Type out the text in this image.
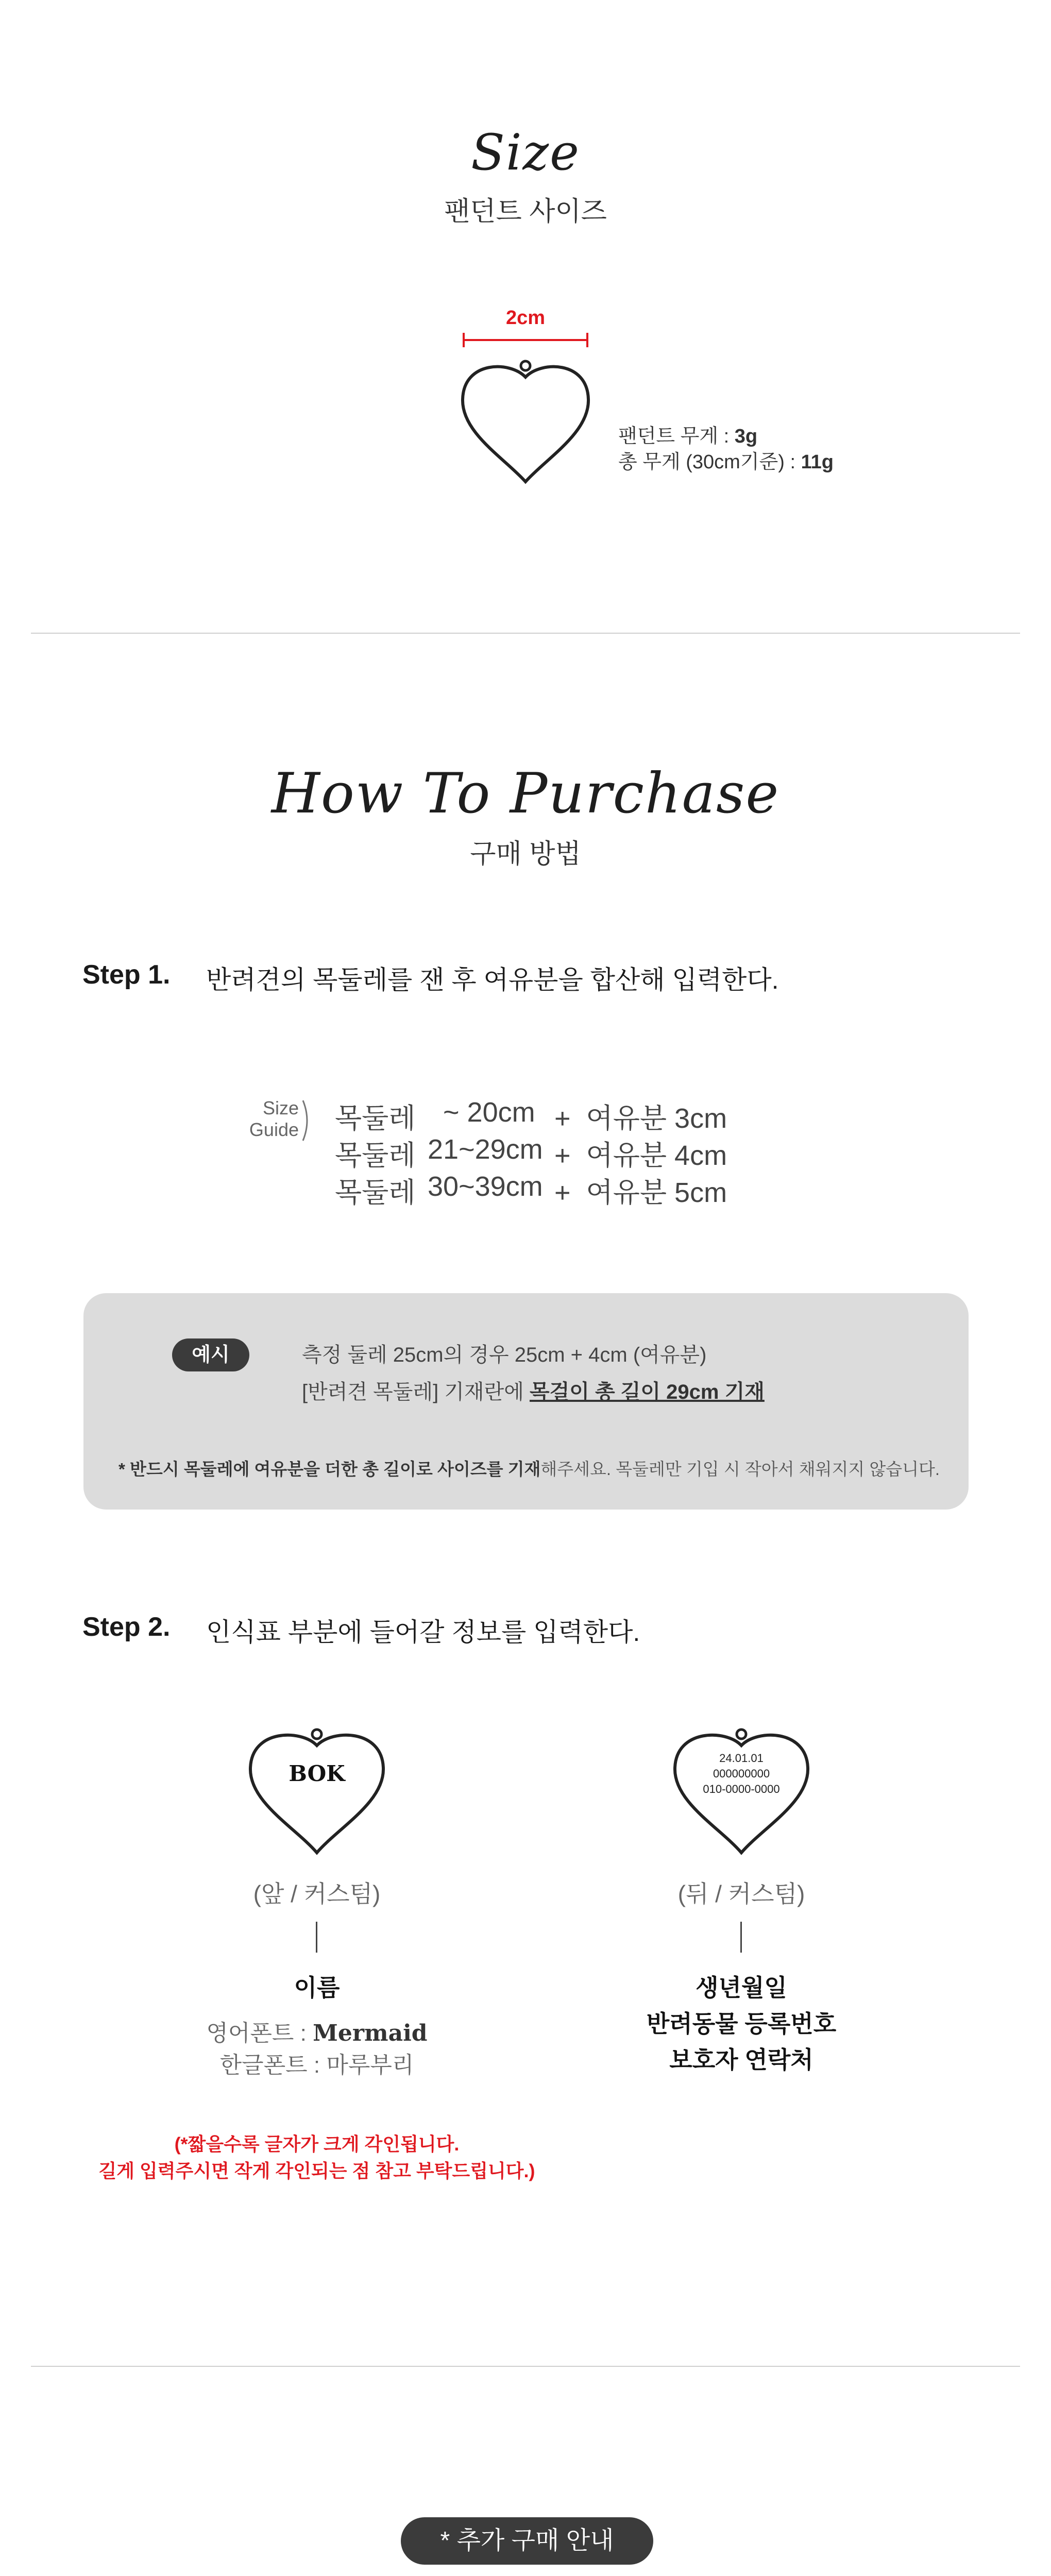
Size
팬던트 사이즈
2cm
팬던트 무게 : 3g
총 무게 (30cm기준) : 11g
How To Purchase
구매 방법
Step 1. 반려견의 목둘레를 잰 후 여유분을 합산해 입력한다.
Size
Guide 목둘레 ~ 20cm +  여유분 3cm
목둘레 21~29cm +  여유분 4cm
목둘레 30~39cm +  여유분 5cm
예시	측정 둘레 25cm의 경우 25cm + 4cm (여유분)
[반려견 목둘레] 기재란에 목걸이 총 길이 29cm 기재
* 반드시 목둘레에 여유분을 더한 총 길이로 사이즈를 기재해주세요. 목둘레만 기입 시 작아서 채워지지 않습니다.
Step 2. 인식표 부분에 들어갈 정보를 입력한다.
BOK
(앞 / 커스텀)
이름
영어폰트 : Mermaid
한글폰트 : 마루부리
24.01.01
000000000
010-0000-0000
(뒤 / 커스텀)
생년월일
반려동물 등록번호
보호자 연락처
(*짧을수록 글자가 크게 각인됩니다.
길게 입력주시면 작게 각인되는 점 참고 부탁드립니다.)
* 추가 구매 안내
